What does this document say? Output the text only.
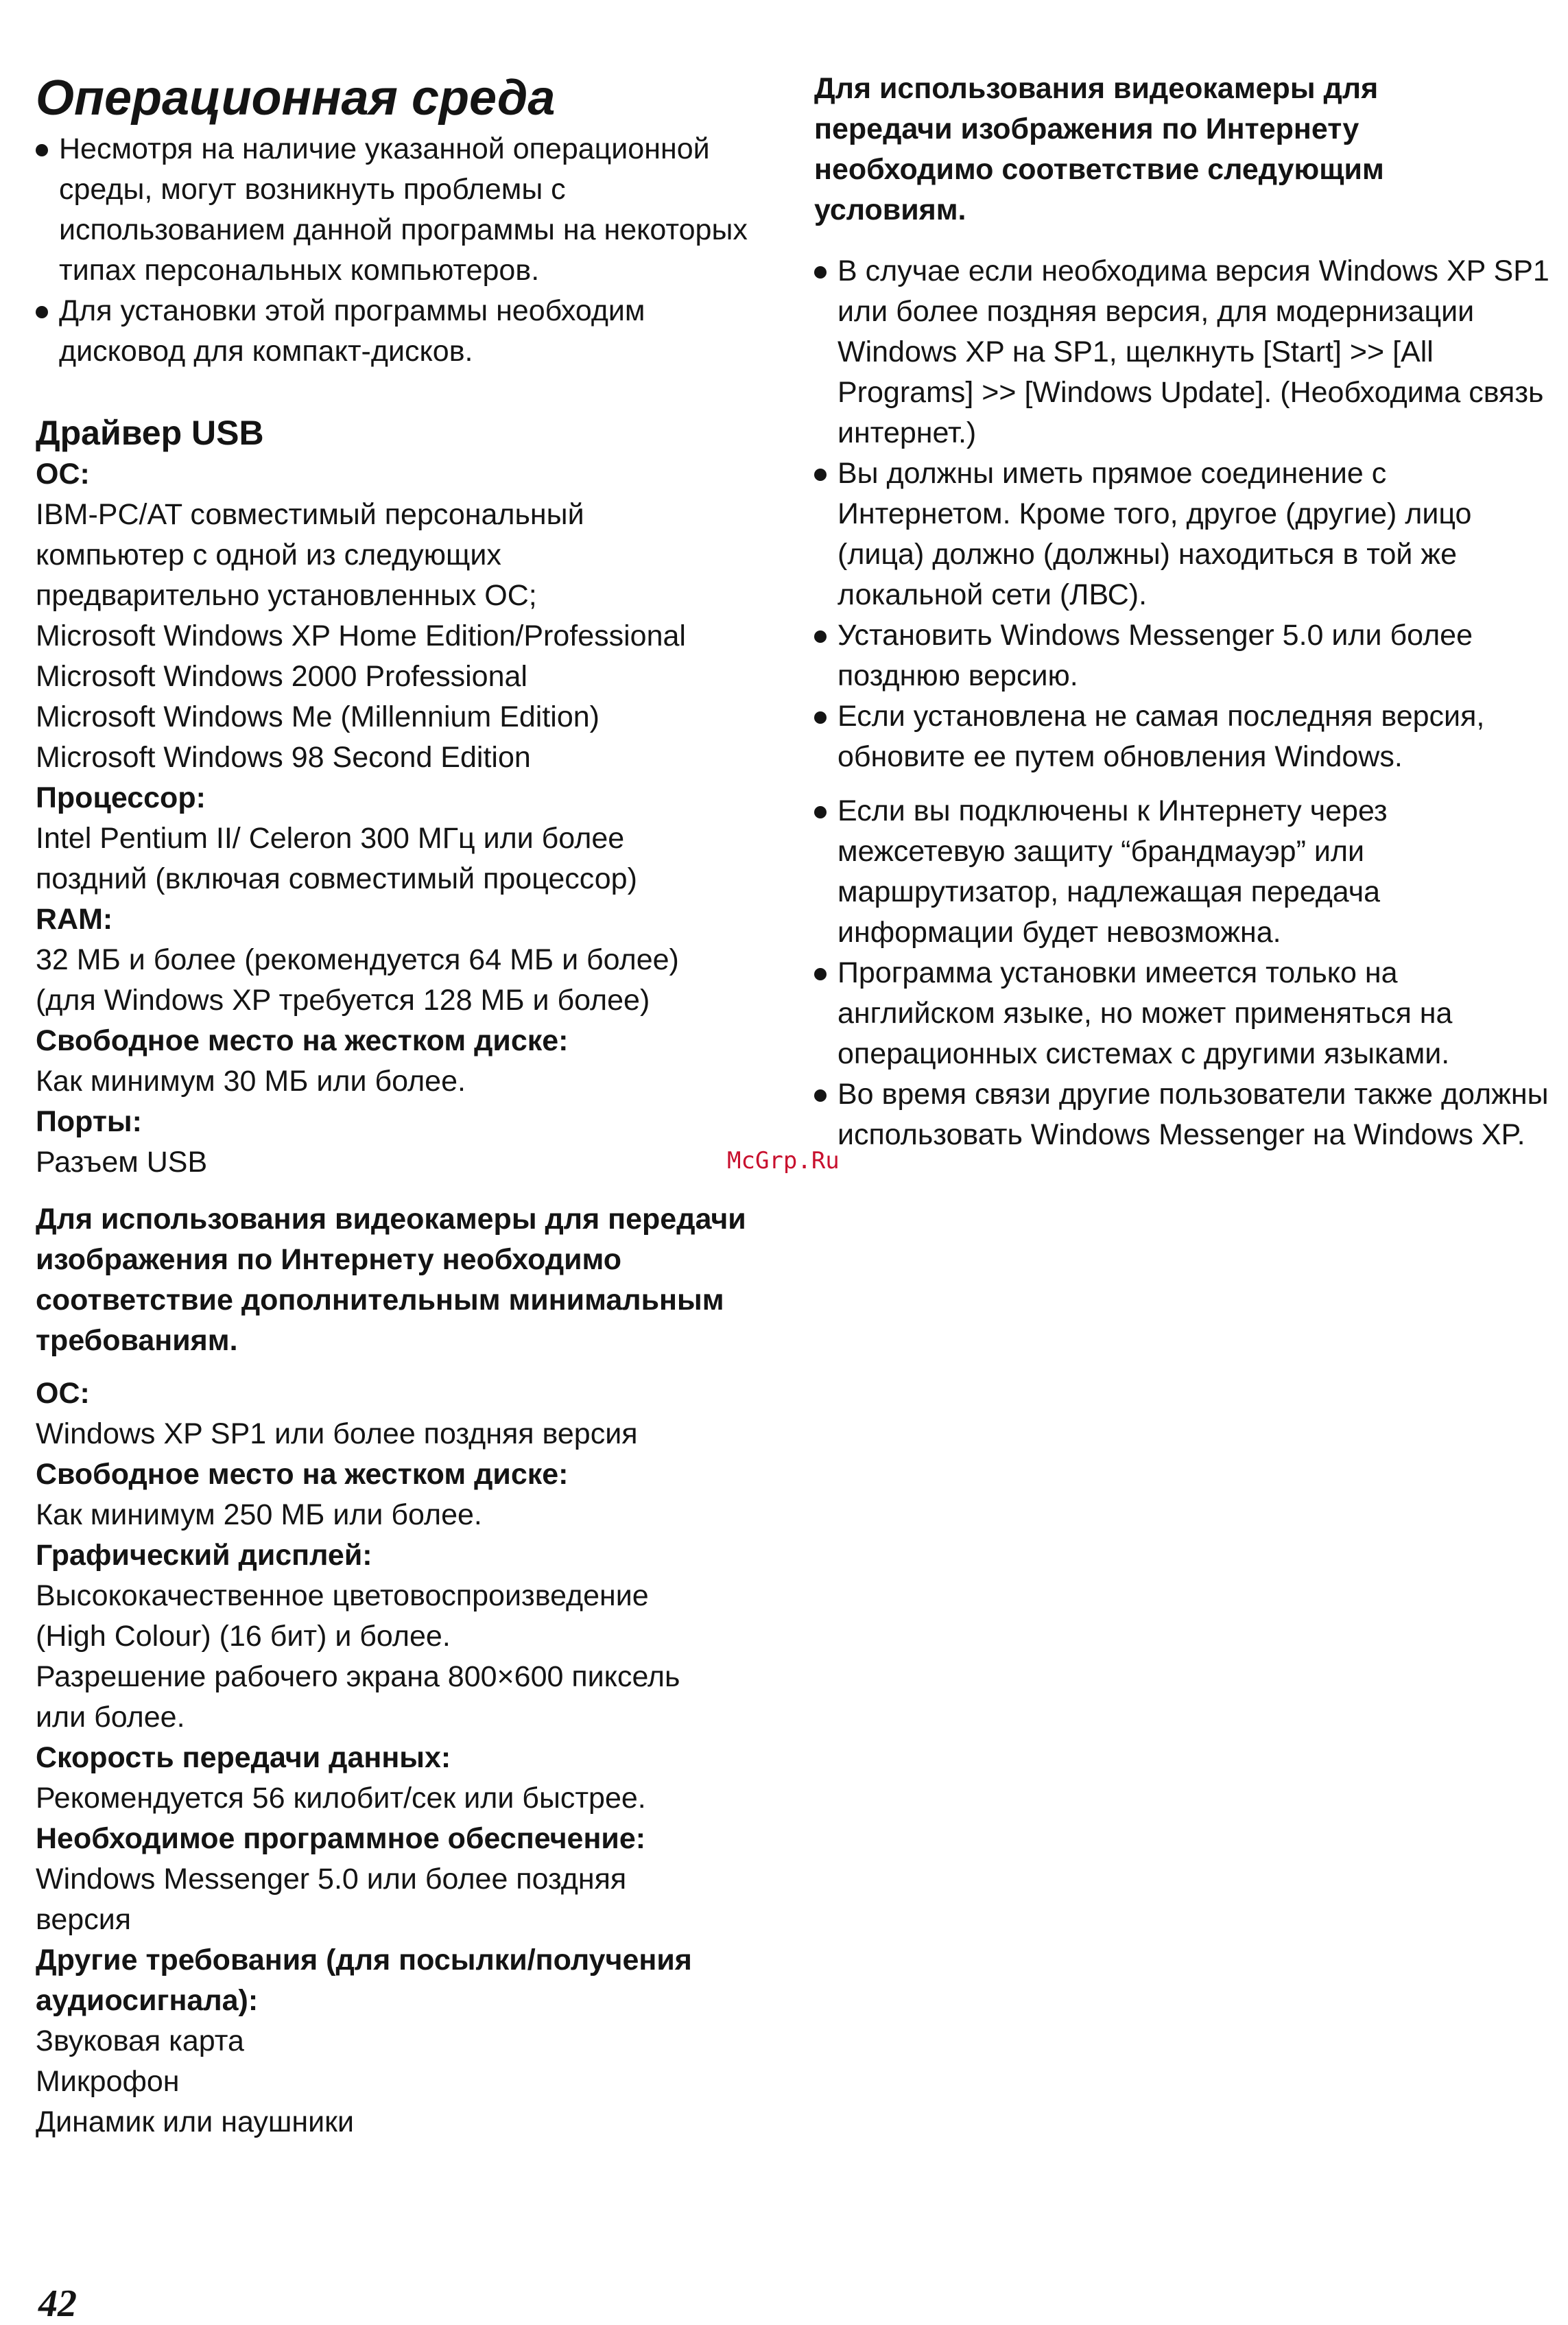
Операционная среда
Несмотря на наличие указанной операционной среды, могут возникнуть проблемы с использованием данной программы на некоторых типах персональных компьютеров.
Для установки этой программы необходим дисковод для компакт-дисков.
Драйвер USB
ОС:
IBM-PC/AT совместимый персональный
компьютер с одной из следующих
предварительно установленных ОС;
Microsoft Windows XP Home Edition/Professional
Microsoft Windows 2000 Professional
Microsoft Windows Me (Millennium Edition)
Microsoft Windows 98 Second Edition
Процессор:
Intel Pentium II/ Celeron 300 МГц или более
поздний (включая совместимый процессор)
RAM:
32 МБ и более (рекомендуется 64 МБ и более)
(для Windows XP требуется 128 МБ и более)
Свободное место на жестком диске:
Как минимум 30 МБ или более.
Порты:
Разъем USB

Для использования видеокамеры для передачи изображения по Интернету необходимо соответствие дополнительным минимальным требованиям.

ОС:
Windows XP SP1 или более поздняя версия
Свободное место на жестком диске:
Как минимум 250 МБ или более.
Графический дисплей:
Высококачественное цветовоспроизведение
(High Colour) (16 бит) и более.
Разрешение рабочего экрана 800×600 пиксель
или более.
Скорость передачи данных:
Рекомендуется 56 килобит/сек или быстрее.
Необходимое программное обеспечение:
Windows Messenger 5.0 или более поздняя
версия
Другие требования (для посылки/получения аудиосигнала):
Звуковая карта
Микрофон
Динамик или наушники

Для использования видеокамеры для передачи изображения по Интернету необходимо соответствие следующим условиям.

В случае если необходима версия Windows XP SP1 или более поздняя версия, для модернизации Windows XP на SP1, щелкнуть [Start] >> [All Programs] >> [Windows Update]. (Необходима связь интернет.)
Вы должны иметь прямое соединение с Интернетом. Кроме того, другое (другие) лицо (лица) должно (должны) находиться в той же локальной сети (ЛВС).
Установить Windows Messenger 5.0 или более позднюю версию.
Если установлена не самая последняя версия, обновите ее путем обновления Windows.
Если вы подключены к Интернету через межсетевую защиту “брандмауэр” или маршрутизатор, надлежащая передача информации будет невозможна.
Программа установки имеется только на английском языке, но может применяться на операционных системах с другими языками.
Во время связи другие пользователи также должны использовать Windows Messenger на Windows XP.
McGrp.Ru
42
